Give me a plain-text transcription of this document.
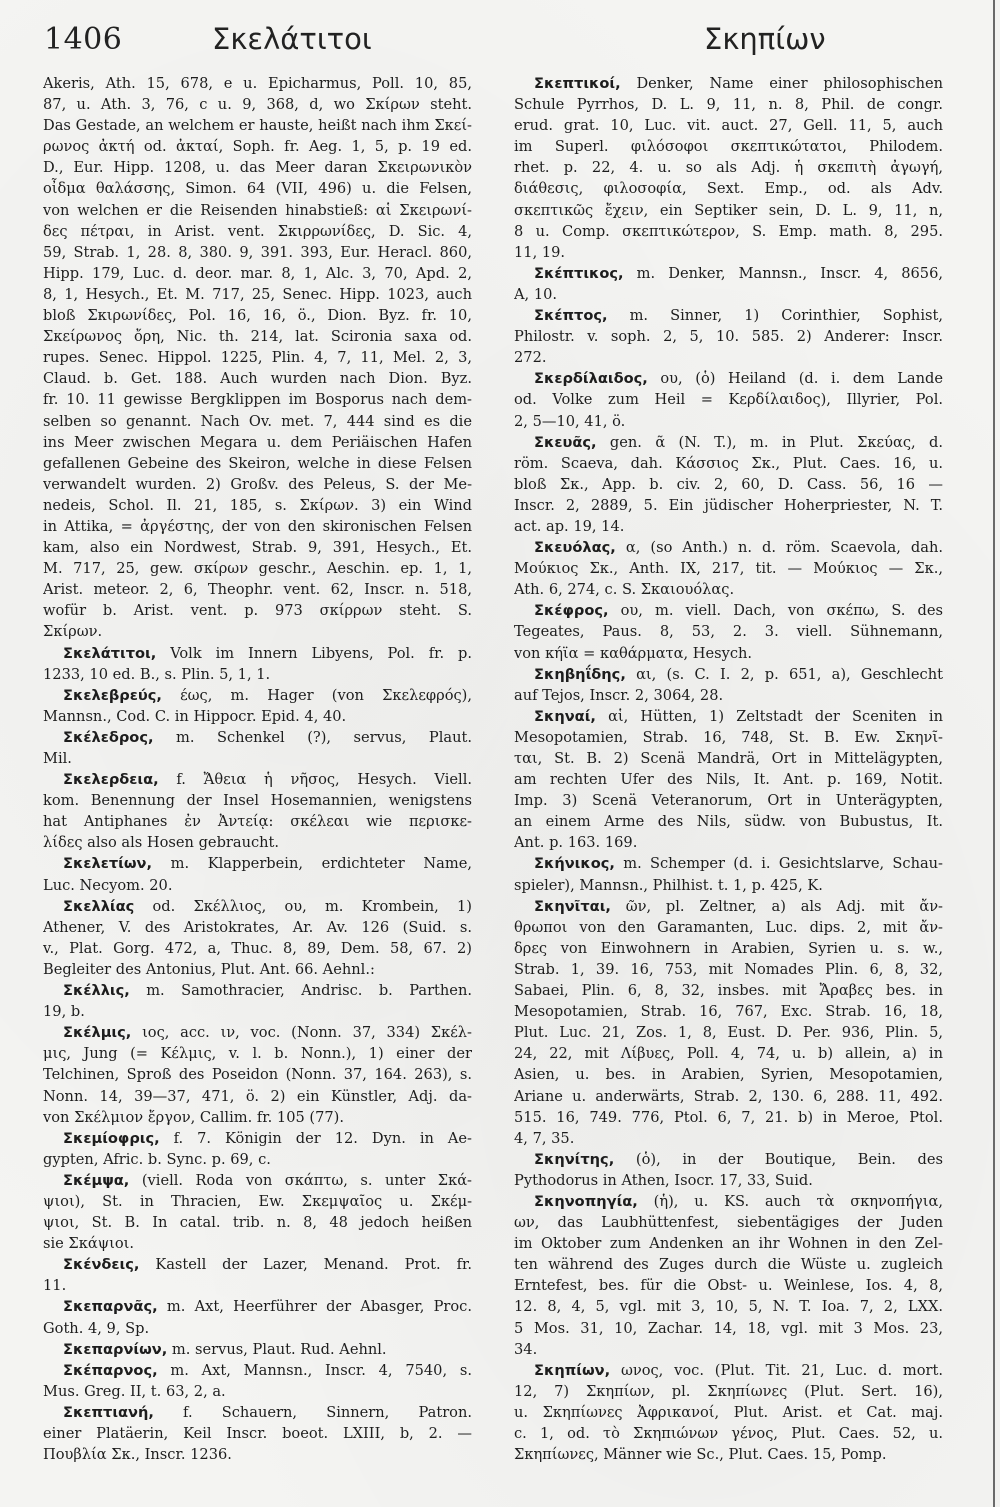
1406	Σκελάτιτοι	Σκηπίων
Akeris, Ath. 15, 678, e u. Epicharmus, Poll. 10, 85,
87, u. Ath. 3, 76, c u. 9, 368, d, wo Σκίρων steht.
Das Gestade, an welchem er hauste, heißt nach ihm Σκεί-
ρωνος ἀκτή od. ἀκταί, Soph. fr. Aeg. 1, 5, p. 19 ed.
D., Eur. Hipp. 1208, u. das Meer daran Σκειρωνικὸν
οἶδμα θαλάσσης, Simon. 64 (VII, 496) u. die Felsen,
von welchen er die Reisenden hinabstieß: αἱ Σκειρωνί-
δες πέτραι, in Arist. vent. Σκιρρωνίδες, D. Sic. 4,
59, Strab. 1, 28. 8, 380. 9, 391. 393, Eur. Heracl. 860,
Hipp. 179, Luc. d. deor. mar. 8, 1, Alc. 3, 70, Apd. 2,
8, 1, Hesych., Et. M. 717, 25, Senec. Hipp. 1023, auch
bloß Σκιρωνίδες, Pol. 16, 16, ö., Dion. Byz. fr. 10,
Σκείρωνος ὄρη, Nic. th. 214, lat. Scironia saxa od.
rupes. Senec. Hippol. 1225, Plin. 4, 7, 11, Mel. 2, 3,
Claud. b. Get. 188. Auch wurden nach Dion. Byz.
fr. 10. 11 gewisse Bergklippen im Bosporus nach dem-
selben so genannt. Nach Ov. met. 7, 444 sind es die
ins Meer zwischen Megara u. dem Periäischen Hafen
gefallenen Gebeine des Skeiron, welche in diese Felsen
verwandelt wurden. 2) Großv. des Peleus, S. der Me-
nedeis, Schol. Il. 21, 185, s. Σκίρων. 3) ein Wind
in Attika, = ἀργέστης, der von den skironischen Felsen
kam, also ein Nordwest, Strab. 9, 391, Hesych., Et.
M. 717, 25, gew. σκίρων geschr., Aeschin. ep. 1, 1,
Arist. meteor. 2, 6, Theophr. vent. 62, Inscr. n. 518,
wofür b. Arist. vent. p. 973 σκίρρων steht. S.
Σκίρων.
Σκελάτιτοι, Volk im Innern Libyens, Pol. fr. p.
1233, 10 ed. B., s. Plin. 5, 1, 1.
Σκελεβρεύς, έως, m. Hager (von Σκελεφρός),
Mannsn., Cod. C. in Hippocr. Epid. 4, 40.
Σκέλεδρος, m. Schenkel (?), servus, Plaut.
Mil.
Σκελερδεια, f. Ἄθεια ἡ νῆσος, Hesych. Viell.
kom. Benennung der Insel Hosemannien, wenigstens
hat Antiphanes ἐν Ἀντείᾳ: σκέλεαι wie περισκε-
λίδες also als Hosen gebraucht.
Σκελετίων, m. Klapperbein, erdichteter Name,
Luc. Necyom. 20.
Σκελλίας od. Σκέλλιος, ου, m. Krombein, 1)
Athener, V. des Aristokrates, Ar. Av. 126 (Suid. s.
v., Plat. Gorg. 472, a, Thuc. 8, 89, Dem. 58, 67. 2)
Begleiter des Antonius, Plut. Ant. 66. Aehnl.:
Σκέλλις, m. Samothracier, Andrisc. b. Parthen.
19, b.
Σκέλμις, ιος, acc. ιν, voc. (Nonn. 37, 334) Σκέλ-
μις, Jung (= Κέλμις, v. l. b. Nonn.), 1) einer der
Telchinen, Sproß des Poseidon (Nonn. 37, 164. 263), s.
Nonn. 14, 39—37, 471, ö. 2) ein Künstler, Adj. da-
von Σκέλμιον ἔργον, Callim. fr. 105 (77).
Σκεμίοφρις, f. 7. Königin der 12. Dyn. in Ae-
gypten, Afric. b. Sync. p. 69, c.
Σκέμψα, (viell. Roda von σκάπτω, s. unter Σκά-
ψιοι), St. in Thracien, Ew. Σκεμψαῖος u. Σκέμ-
ψιοι, St. B. In catal. trib. n. 8, 48 jedoch heißen
sie Σκάψιοι.
Σκένδεις, Kastell der Lazer, Menand. Prot. fr.
11.
Σκεπαρνᾶς, m. Axt, Heerführer der Abasger, Proc.
Goth. 4, 9, Sp.
Σκεπαρνίων, m. servus, Plaut. Rud. Aehnl.
Σκέπαρνος, m. Axt, Mannsn., Inscr. 4, 7540, s.
Mus. Greg. II, t. 63, 2, a.
Σκεπτιανή, f. Schauern, Sinnern, Patron.
einer Platäerin, Keil Inscr. boeot. LXIII, b, 2. —
Πουβλία Σκ., Inscr. 1236.
Σκεπτικοί, Denker, Name einer philosophischen
Schule Pyrrhos, D. L. 9, 11, n. 8, Phil. de congr.
erud. grat. 10, Luc. vit. auct. 27, Gell. 11, 5, auch
im Superl. φιλόσοφοι σκεπτικώτατοι, Philodem.
rhet. p. 22, 4. u. so als Adj. ἡ σκεπιτὴ ἀγωγή,
διάθεσις, φιλοσοφία, Sext. Emp., od. als Adv.
σκεπτικῶς ἔχειν, ein Septiker sein, D. L. 9, 11, n,
8 u. Comp. σκεπτικώτερον, S. Emp. math. 8, 295.
11, 19.
Σκέπτικος, m. Denker, Mannsn., Inscr. 4, 8656,
A, 10.
Σκέπτος, m. Sinner, 1) Corinthier, Sophist,
Philostr. v. soph. 2, 5, 10. 585. 2) Anderer: Inscr.
272.
Σκερδίλαιδος, ου, (ὁ) Heiland (d. i. dem Lande
od. Volke zum Heil = Κερδίλαιδος), Illyrier, Pol.
2, 5—10, 41, ö.
Σκευᾶς, gen. ᾶ (N. T.), m. in Plut. Σκεύας, d.
röm. Scaeva, dah. Κάσσιος Σκ., Plut. Caes. 16, u.
bloß Σκ., App. b. civ. 2, 60, D. Cass. 56, 16 —
Inscr. 2, 2889, 5. Ein jüdischer Hoherpriester, N. T.
act. ap. 19, 14.
Σκευόλας, α, (so Anth.) n. d. röm. Scaevola, dah.
Μούκιος Σκ., Anth. IX, 217, tit. — Μούκιος — Σκ.,
Ath. 6, 274, c. S. Σκαιουόλας.
Σκέφρος, ου, m. viell. Dach, von σκέπω, S. des
Tegeates, Paus. 8, 53, 2. 3. viell. Sühnemann,
von κήϊα = καθάρματα, Hesych.
Σκηβηΐδης, αι, (s. C. I. 2, p. 651, a), Geschlecht
auf Tejos, Inscr. 2, 3064, 28.
Σκηναί, αἱ, Hütten, 1) Zeltstadt der Sceniten in
Mesopotamien, Strab. 16, 748, St. B. Ew. Σκηνῖ-
ται, St. B. 2) Scenä Mandrä, Ort in Mittelägypten,
am rechten Ufer des Nils, It. Ant. p. 169, Notit.
Imp. 3) Scenä Veteranorum, Ort in Unterägypten,
an einem Arme des Nils, südw. von Bubustus, It.
Ant. p. 163. 169.
Σκήνικος, m. Schemper (d. i. Gesichtslarve, Schau-
spieler), Mannsn., Philhist. t. 1, p. 425, K.
Σκηνῖται, ῶν, pl. Zeltner, a) als Adj. mit ἄν-
θρωποι von den Garamanten, Luc. dips. 2, mit ἄν-
δρες von Einwohnern in Arabien, Syrien u. s. w.,
Strab. 1, 39. 16, 753, mit Nomades Plin. 6, 8, 32,
Sabaei, Plin. 6, 8, 32, insbes. mit Ἄραβες bes. in
Mesopotamien, Strab. 16, 767, Exc. Strab. 16, 18,
Plut. Luc. 21, Zos. 1, 8, Eust. D. Per. 936, Plin. 5,
24, 22, mit Λίβυες, Poll. 4, 74, u. b) allein, a) in
Asien, u. bes. in Arabien, Syrien, Mesopotamien,
Ariane u. anderwärts, Strab. 2, 130. 6, 288. 11, 492.
515. 16, 749. 776, Ptol. 6, 7, 21. b) in Meroe, Ptol.
4, 7, 35.
Σκηνίτης, (ὁ), in der Boutique, Bein. des
Pythodorus in Athen, Isocr. 17, 33, Suid.
Σκηνοπηγία, (ἡ), u. KS. auch τὰ σκηνοπήγια,
ων, das Laubhüttenfest, siebentägiges der Juden
im Oktober zum Andenken an ihr Wohnen in den Zel-
ten während des Zuges durch die Wüste u. zugleich
Erntefest, bes. für die Obst- u. Weinlese, Ios. 4, 8,
12. 8, 4, 5, vgl. mit 3, 10, 5, N. T. Ioa. 7, 2, LXX.
5 Mos. 31, 10, Zachar. 14, 18, vgl. mit 3 Mos. 23,
34.
Σκηπίων, ωνος, voc. (Plut. Tit. 21, Luc. d. mort.
12, 7) Σκηπίων, pl. Σκηπίωνες (Plut. Sert. 16),
u. Σκηπίωνες Ἀφρικανοί, Plut. Arist. et Cat. maj.
c. 1, od. τὸ Σκηπιώνων γένος, Plut. Caes. 52, u.
Σκηπίωνες, Männer wie Sc., Plut. Caes. 15, Pomp.
